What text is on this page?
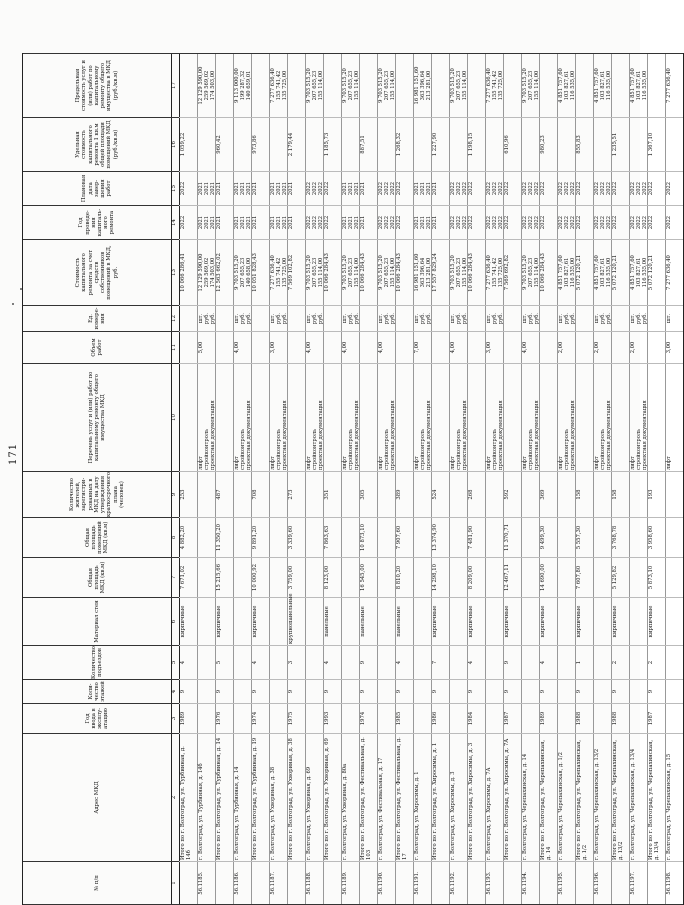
171
№ п/п
Адрес МКД
Год ввода в эксплу-атацию
Коли-чество этажей
Количество подъездов
Материал стен
Общая площадь МКД (кв.м)
Общая площадь помещений МКД (кв.м)
Количество жителей, зарегистри-рованных в МКД на дату утверждения краткосрочного плана (человек)
Перечень услуг и (или) работ по капитальному ремонту общего имущества МКД
Объем работ
Ед. измере-ния
Стоимость капитального ремонта за счет средств собственников помещений в МКД, руб.
Год проведе-ния капиталь-ного ремонта
Плановая дата завер-шения работ
Удельная стоимость капитального ремонта 1 кв.м общей площади помещений МКД (руб./кв.м)
Предельная стоимость услуг и (или) работ по капитальному ремонту общего имущества в МКД (руб./кв.м)
1
2
3
4
5
6
7
8
9
10
11
12
13
14
15
16
17
Итого по г. Волгоград, ул. Турбинная, д. 14б
1989
9
4
кирпичные
7 671,02
4 882,20
253
10 066 286,41
2022
2022
1 059,22
56.1185.
г. Волгоград, ул. Турбинная, д. 14б
лифт
стройконтроль
проектная документация
5,00
шт.
руб.
руб.
12 129 590,00
259 569,02
174 503,00
2021
2021
2021
2021
2021
2021
12 129 590,00
259 569,02
174 503,00
Итого по г. Волгоград, ул. Турбинная, д. 14
1976
9
5
кирпичные
15 215,66
11 350,20
487
12 563 662,02
2021
2021
960,42
56.1186.
г. Волгоград, ул. Турбинная, д. 14
лифт
стройконтроль
проектная документация
4,00
шт.
руб.
руб.
9 703 515,20
207 655,23
140 658,00
2021
2021
2021
2021
2021
2021
9 113 000,00
199 287,32
140 659,01
Итого по г. Волгоград, ул. Турбинная, д. 19
1974
9
4
кирпичные
10 000,92
9 891,20
708
10 051 828,43
2021
2021
973,86
56.1187.
г. Волгоград, ул. Ухвориная, д. 38
лифт
стройконтроль
проектная документация
3,00
шт.
руб.
руб.
7 277 636,40
155 741,42
135 725,00
2021
2021
2021
2021
2021
2021
7 277 636,40
155 741,42
135 725,00
Итого по г. Волгоград, ул. Ухвориная, д. 38
1975
9
3
крупнопанельные
3 759,00
3 339,60
273
7 569 102,82
2021
2021
2 179,44
56.1188.
г. Волгоград, ул. Ухвориная, д. 69
лифт
стройконтроль
проектная документация
4,00
шт.
руб.
руб.
9 703 515,20
207 655,23
155 114,00
2022
2022
2022
2022
2022
2022
9 703 515,20
207 655,23
155 114,00
Итого по г. Волгоград, ул. Ухвориная, д. 69
1993
9
4
панельные
8 123,00
7 863,63
351
10 066 284,43
2022
2022
1 185,73
56.1189.
г. Волгоград, ул. Ухвориная, д. 80а
лифт
стройконтроль
проектная документация
4,00
шт.
руб.
руб.
9 703 515,20
207 655,23
155 114,00
2021
2021
2021
2021
2021
2021
9 703 515,20
207 655,23
155 114,00
Итого по г. Волгоград, ул. Фестивальная, д. 103
1974
9
9
панельные
16 545,00
10 873,10
305
10 066 284,43
2021
2021
887,51
56.1190.
г. Волгоград, ул. Фестивальная, д. 17
лифт
стройконтроль
проектная документация
4,00
шт.
руб.
руб.
9 703 515,20
207 655,23
155 114,00
2022
2022
2022
2022
2022
2022
9 703 515,20
207 655,23
155 114,00
Итого по г. Волгоград, ул. Фестивальная, д. 17
1985
9
4
панельные
8 810,20
7 907,60
389
10 066 284,43
2022
2022
1 268,32
56.1191.
г. Волгоград, ул. Хиросимы, д. 1
лифт
стройконтроль
проектная документация
7,00
шт.
руб.
руб.
16 981 151,60
363 396,64
213 281,00
2021
2021
2021
2021
2021
2021
16 981 151,60
363 396,64
213 281,00
Итого по г. Волгоград, ул. Хиросимы, д. 1
1986
9
7
кирпичные
14 298,10
13 374,90
524
17 557 829,24
2021
2021
1 227,90
56.1192.
г. Волгоград, ул. Хиросимы, д. 3
лифт
стройконтроль
проектная документация
4,00
шт.
руб.
руб.
9 703 515,20
207 655,23
155 114,00
2022
2022
2022
2022
2022
2022
9 703 515,20
207 655,23
155 114,00
Итого по г. Волгоград, ул. Хиросимы, д. 3
1984
9
4
кирпичные
8 209,00
7 481,90
268
10 066 284,43
2022
2022
1 198,15
56.1193.
г. Волгоград, ул. Хиросимы, д. 7А
лифт
стройконтроль
проектная документация
3,00
шт.
руб.
руб.
7 277 636,40
155 741,42
135 725,00
2022
2022
2022
2022
2022
2022
7 277 636,40
155 741,42
135 725,00
Итого по г. Волгоград, ул. Хиросимы, д. 7А
1987
9
9
кирпичные
12 467,11
11 370,71
592
7 569 692,82
2022
2022
610,96
56.1194.
г. Волгоград, ул. Черепахинская, д. 14
лифт
стройконтроль
проектная документация
4,00
шт.
руб.
руб.
9 703 515,20
207 655,23
155 114,00
2022
2022
2022
2022
2022
2022
9 703 515,20
207 655,23
155 114,00
Итого по г. Волгоград, ул. Черепахинская, д. 14
1989
9
4
кирпичные
14 690,00
9 499,30
369
10 066 284,43
2022
2022
980,23
56.1195.
г. Волгоград, ул. Черепахинская, д. 1/2
лифт
стройконтроль
проектная документация
2,00
шт.
руб.
руб.
4 851 757,60
103 827,61
116 535,00
2022
2022
2022
2022
2022
2022
4 851 757,60
103 827,61
116 535,00
Итого по г. Волгоград, ул. Черепахинская, д. 1/2
1988
9
1
кирпичные
7 607,80
5 557,30
158
5 072 120,21
2022
2022
855,83
56.1196.
г. Волгоград, ул. Черепахинская, д. 13/2
лифт
стройконтроль
проектная документация
2,00
шт.
руб.
руб.
4 851 757,60
103 827,61
116 535,00
2022
2022
2022
2022
2022
2022
4 851 757,60
103 827,61
116 535,00
Итого по г. Волгоград, ул. Черепахинская, д. 13/2
1988
9
2
кирпичные
5 129,82
3 768,78
158
5 072 120,21
2022
2022
1 235,51
56.1197.
г. Волгоград, ул. Черепахинская, д. 13/4
лифт
стройконтроль
проектная документация
2,00
шт.
руб.
руб.
4 851 757,60
103 827,61
116 535,00
2022
2022
2022
2022
2022
2022
4 851 757,60
103 827,61
116 535,00
Итого по г. Волгоград, ул. Черепахинская, д. 13/4
1987
9
2
кирпичные
5 873,10
3 958,60
193
5 072 120,21
2022
2022
1 367,10
56.1198.
г. Волгоград, ул. Черепахинская, д. 15
лифт
3,00
шт.
7 277 636,40
2022
2022
7 277 636,40
